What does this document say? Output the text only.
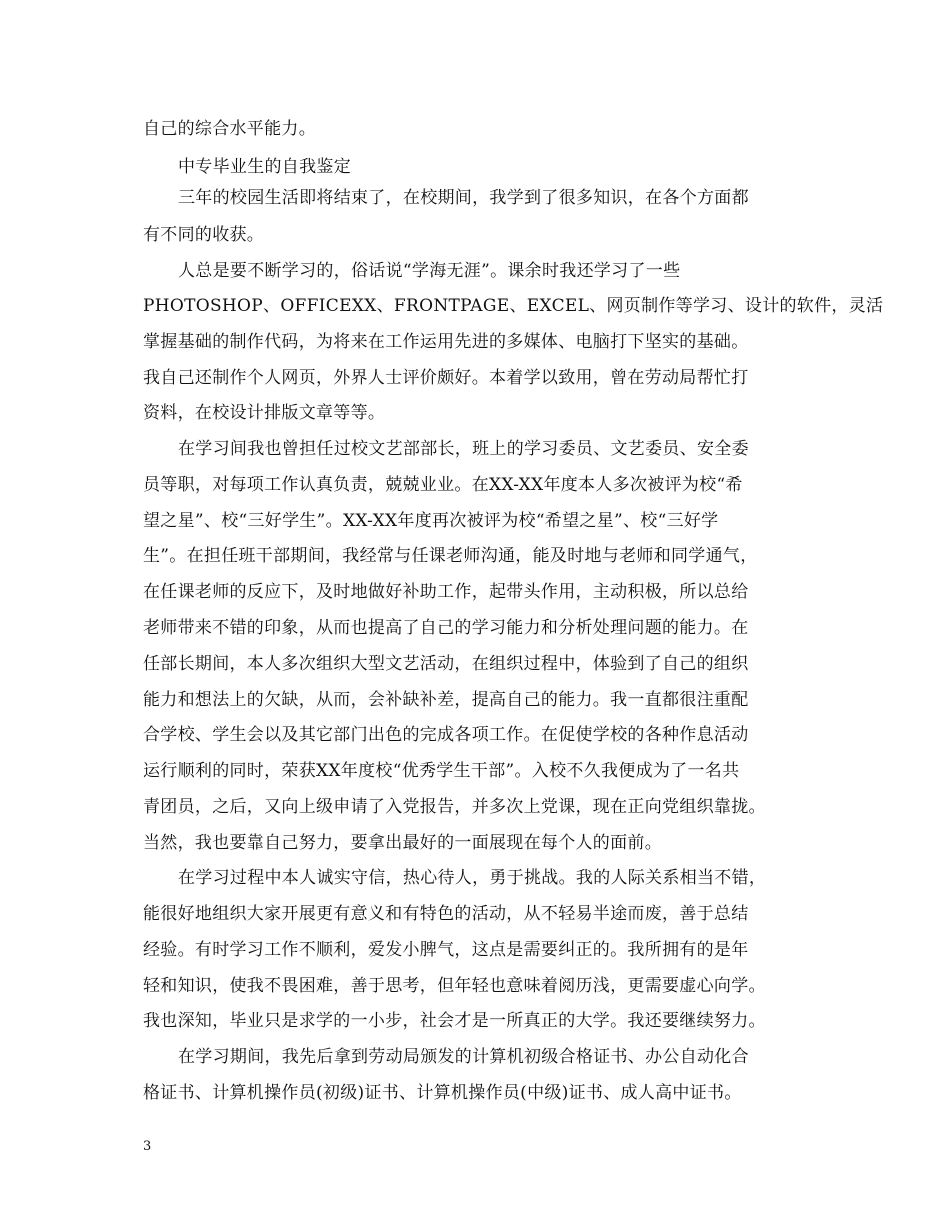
自己的综合水平能力。
中专毕业生的自我鉴定
三年的校园生活即将结束了，在校期间，我学到了很多知识，在各个方面都
有不同的收获。
人总是要不断学习的，俗话说“学海无涯”。课余时我还学习了一些
PHOTOSHOP、OFFICEXX、FRONTPAGE、EXCEL、网页制作等学习、设计的软件，灵活
掌握基础的制作代码，为将来在工作运用先进的多媒体、电脑打下坚实的基础。
我自己还制作个人网页，外界人士评价颇好。本着学以致用，曾在劳动局帮忙打
资料，在校设计排版文章等等。
在学习间我也曾担任过校文艺部部长，班上的学习委员、文艺委员、安全委
员等职，对每项工作认真负责，兢兢业业。在XX-XX年度本人多次被评为校“希
望之星”、校“三好学生”。XX-XX年度再次被评为校“希望之星”、校“三好学
生”。在担任班干部期间，我经常与任课老师沟通，能及时地与老师和同学通气，
在任课老师的反应下，及时地做好补助工作，起带头作用，主动积极，所以总给
老师带来不错的印象，从而也提高了自己的学习能力和分析处理问题的能力。在
任部长期间，本人多次组织大型文艺活动，在组织过程中，体验到了自己的组织
能力和想法上的欠缺，从而，会补缺补差，提高自己的能力。我一直都很注重配
合学校、学生会以及其它部门出色的完成各项工作。在促使学校的各种作息活动
运行顺利的同时，荣获XX年度校“优秀学生干部”。入校不久我便成为了一名共
青团员，之后，又向上级申请了入党报告，并多次上党课，现在正向党组织靠拢。
当然，我也要靠自己努力，要拿出最好的一面展现在每个人的面前。
在学习过程中本人诚实守信，热心待人，勇于挑战。我的人际关系相当不错，
能很好地组织大家开展更有意义和有特色的活动，从不轻易半途而废，善于总结
经验。有时学习工作不顺利，爱发小脾气，这点是需要纠正的。我所拥有的是年
轻和知识，使我不畏困难，善于思考，但年轻也意味着阅历浅，更需要虚心向学。
我也深知，毕业只是求学的一小步，社会才是一所真正的大学。我还要继续努力。
在学习期间，我先后拿到劳动局颁发的计算机初级合格证书、办公自动化合
格证书、计算机操作员(初级)证书、计算机操作员(中级)证书、成人高中证书。
3
